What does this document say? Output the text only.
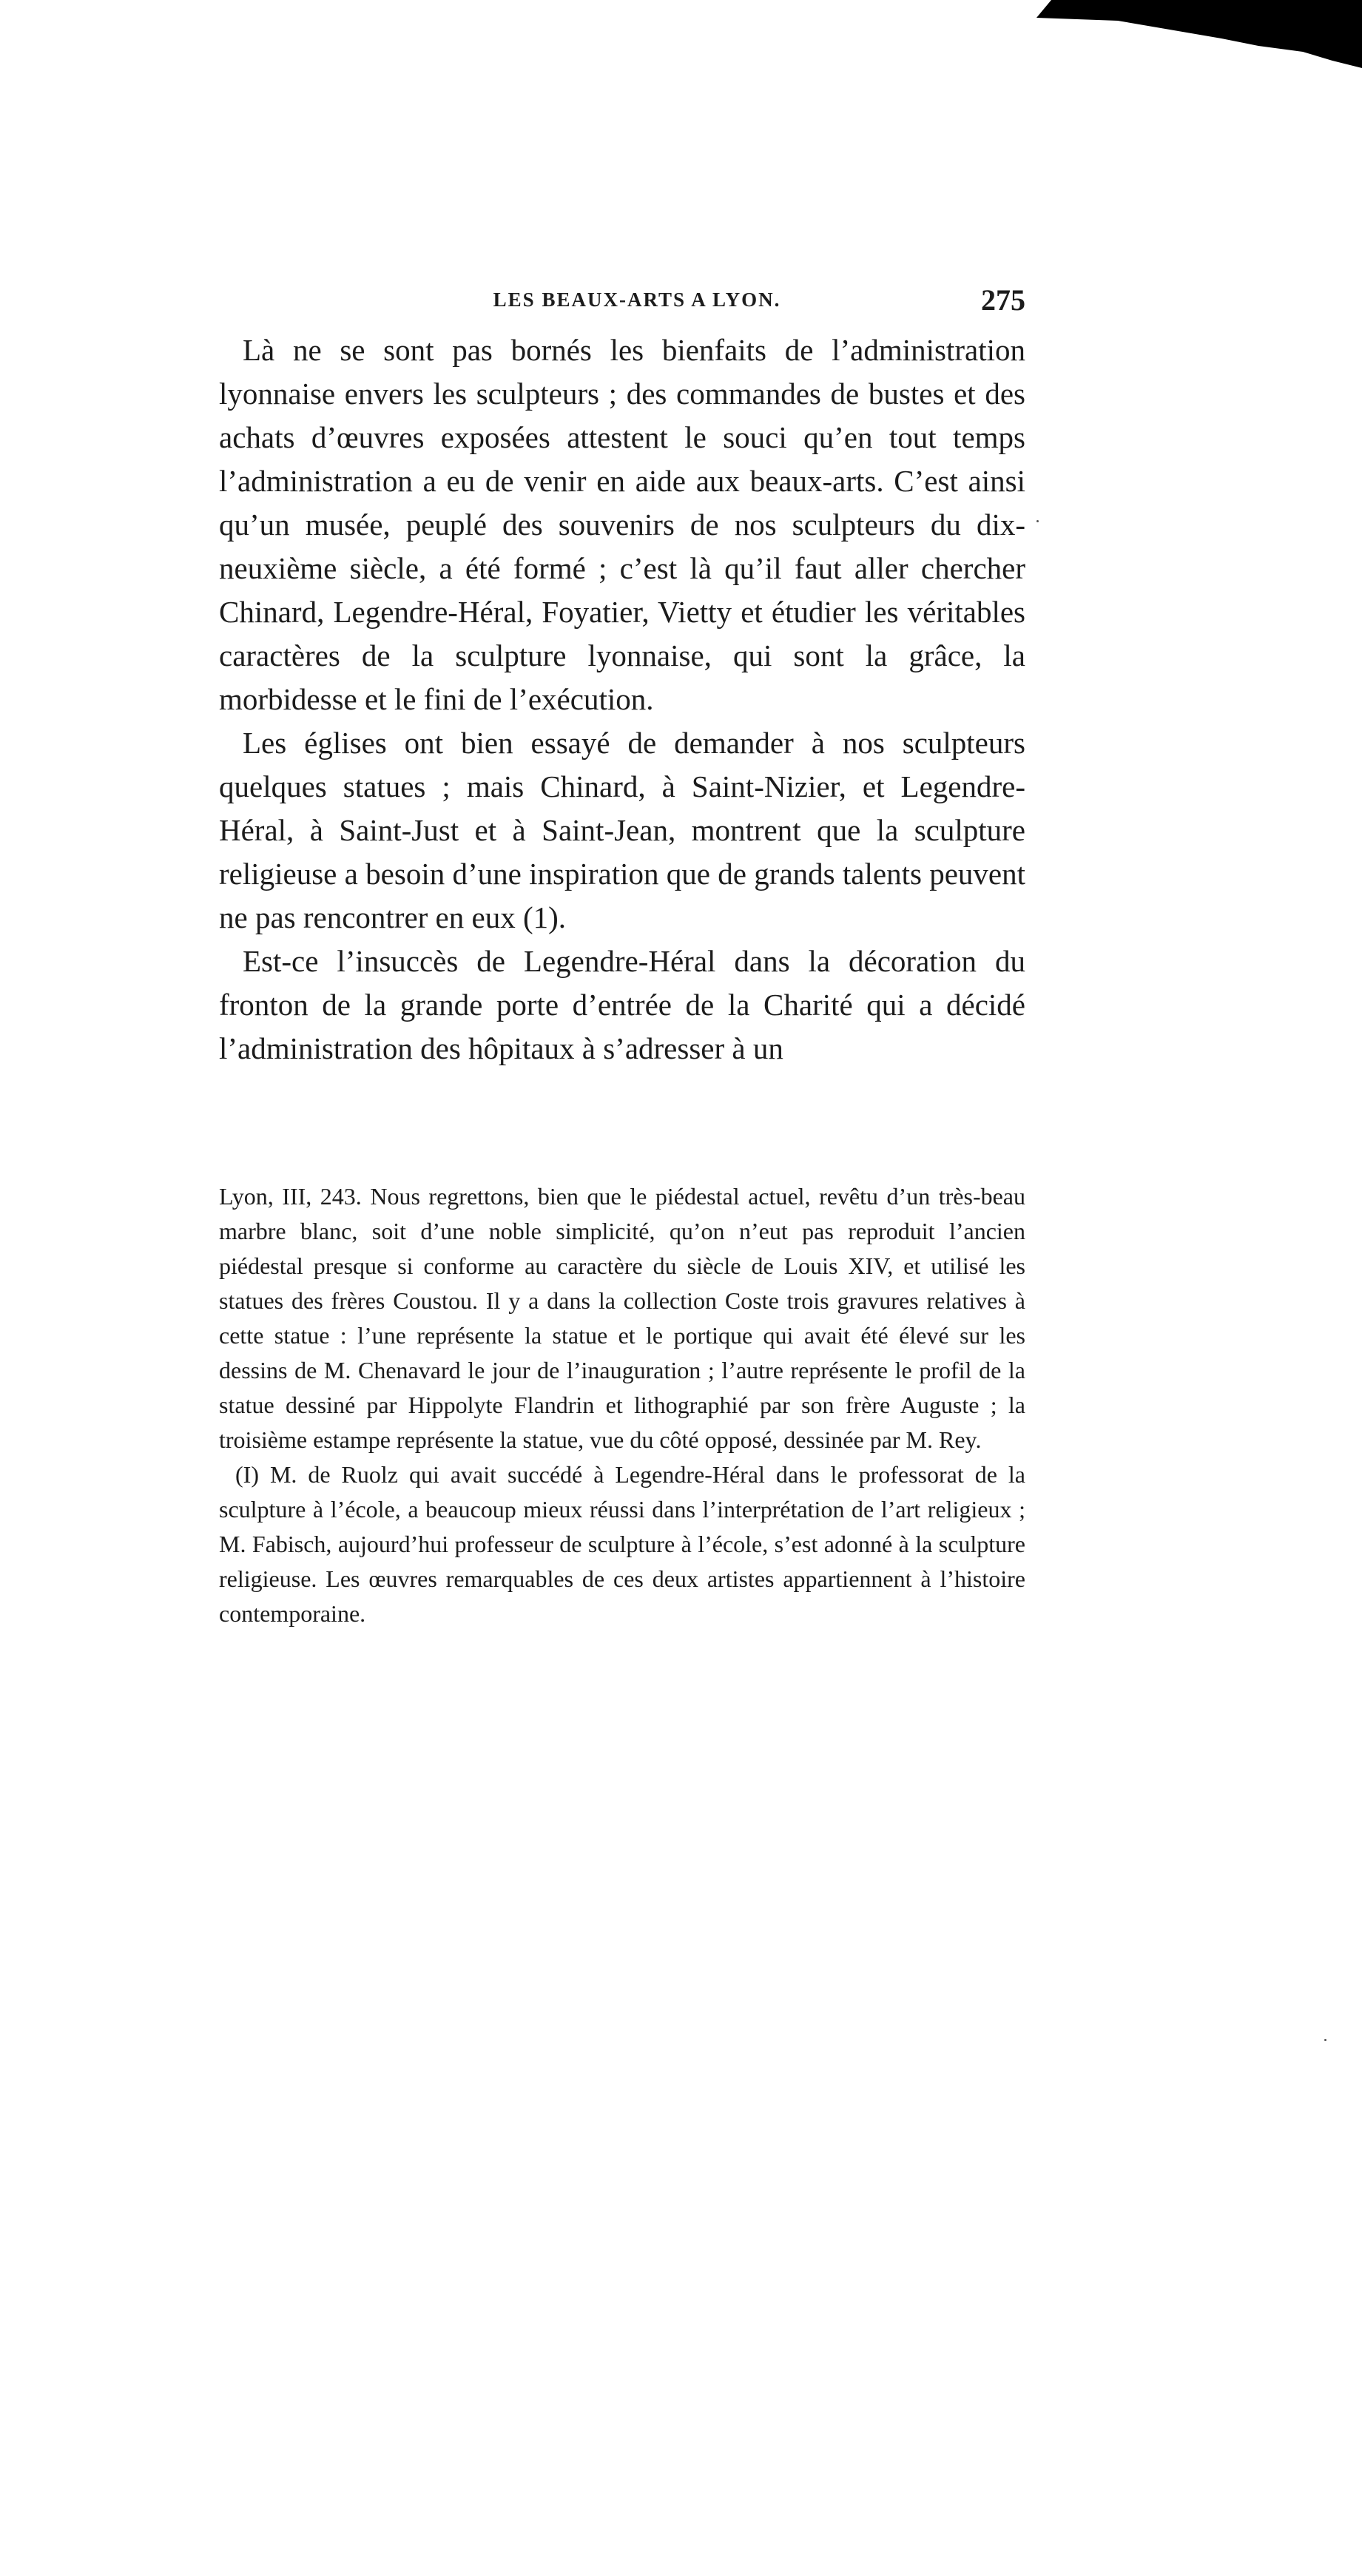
LES BEAUX-ARTS A LYON.	275

Là ne se sont pas bornés les bienfaits de l’administration lyonnaise envers les sculpteurs ; des commandes de bustes et des achats d’œuvres exposées attestent le souci qu’en tout temps l’administration a eu de venir en aide aux beaux-arts. C’est ainsi qu’un musée, peuplé des souvenirs de nos sculpteurs du dix-neuxième siècle, a été formé ; c’est là qu’il faut aller chercher Chinard, Legendre-Héral, Foyatier, Vietty et étudier les véritables caractères de la sculpture lyonnaise, qui sont la grâce, la morbidesse et le fini de l’exécution.

Les églises ont bien essayé de demander à nos sculpteurs quelques statues ; mais Chinard, à Saint-Nizier, et Legendre-Héral, à Saint-Just et à Saint-Jean, montrent que la sculpture religieuse a besoin d’une inspiration que de grands talents peuvent ne pas rencontrer en eux (1).

Est-ce l’insuccès de Legendre-Héral dans la décoration du fronton de la grande porte d’entrée de la Charité qui a décidé l’administration des hôpitaux à s’adresser à un

Lyon, III, 243. Nous regrettons, bien que le piédestal actuel, revêtu d’un très-beau marbre blanc, soit d’une noble simplicité, qu’on n’eut pas reproduit l’ancien piédestal presque si conforme au caractère du siècle de Louis XIV, et utilisé les statues des frères Coustou. Il y a dans la collection Coste trois gravures relatives à cette statue : l’une représente la statue et le portique qui avait été élevé sur les dessins de M. Chenavard le jour de l’inauguration ; l’autre représente le profil de la statue dessiné par Hippolyte Flandrin et lithographié par son frère Auguste ; la troisième estampe représente la statue, vue du côté opposé, dessinée par M. Rey.

(I) M. de Ruolz qui avait succédé à Legendre-Héral dans le professorat de la sculpture à l’école, a beaucoup mieux réussi dans l’interprétation de l’art religieux ; M. Fabisch, aujourd’hui professeur de sculpture à l’école, s’est adonné à la sculpture religieuse. Les œuvres remarquables de ces deux artistes appartiennent à l’histoire contemporaine.
